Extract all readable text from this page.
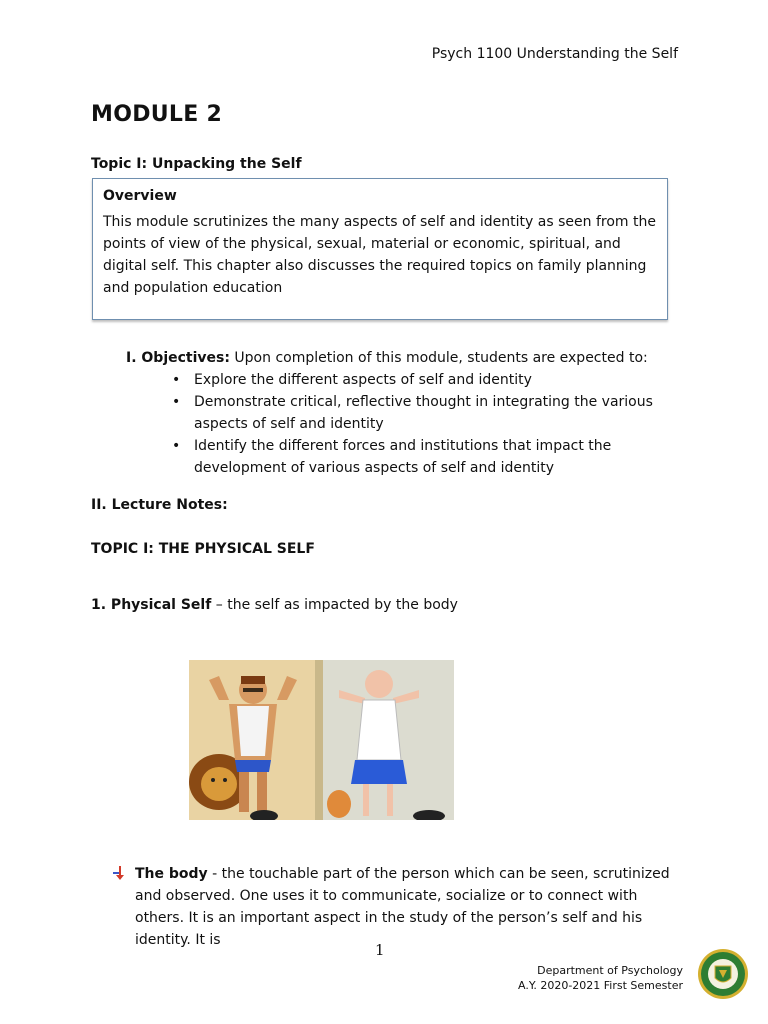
Psych 1100 Understanding the Self
MODULE 2
Topic I: Unpacking the Self
Overview
This module scrutinizes the many aspects of self and identity as seen from the points of view of the physical, sexual, material or economic, spiritual, and digital self. This chapter also discusses the required topics on family planning and population education
I. Objectives: Upon completion of this module, students are expected to:
• Explore the different aspects of self and identity
• Demonstrate critical, reflective thought in integrating the various aspects of self and identity
• Identify the different forces and institutions that impact the development of various aspects of self and identity
II. Lecture Notes:
TOPIC I: THE PHYSICAL SELF
1. Physical Self – the self as impacted by the body
The body - the touchable part of the person which can be seen, scrutinized and observed. One uses it to communicate, socialize or to connect with others. It is an important aspect in the study of the person’s self and his identity. It is
1
Department of Psychology
A.Y. 2020-2021 First Semester
